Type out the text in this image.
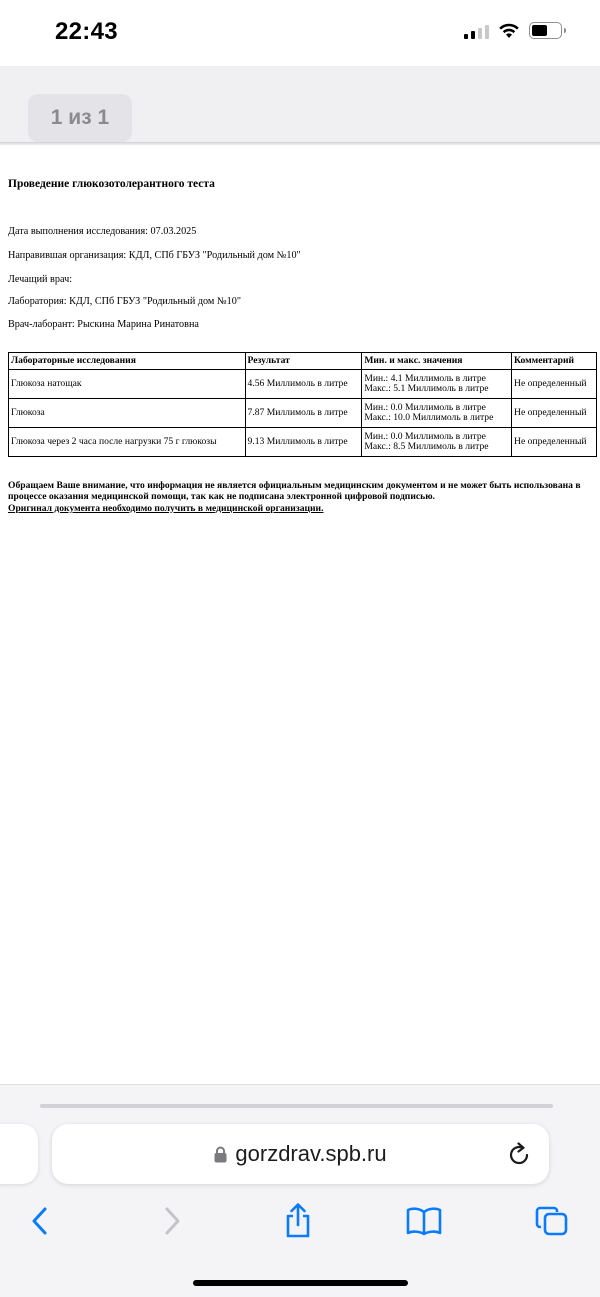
22:43
1 из 1
Проведение глюкозотолерантного теста
Дата выполнения исследования: 07.03.2025
Направившая организация: КДЛ, СПб ГБУЗ "Родильный дом №10"
Лечащий врач:
Лаборатория: КДЛ, СПб ГБУЗ "Родильный дом №10"
Врач-лаборант: Рыскина Марина Ринатовна
Лабораторные исследования	Результат	Мин. и макс. значения	Комментарий
Глюкоза натощак	4.56 Миллимоль в литре	Мин.: 4.1 Миллимоль в литре
Макс.: 5.1 Миллимоль в литре	Не определенный
Глюкоза	7.87 Миллимоль в литре	Мин.: 0.0 Миллимоль в литре
Макс.: 10.0 Миллимоль в литре	Не определенный
Глюкоза через 2 часа после нагрузки 75 г глюкозы	9.13 Миллимоль в литре	Мин.: 0.0 Миллимоль в литре
Макс.: 8.5 Миллимоль в литре	Не определенный
Обращаем Ваше внимание, что информация не является официальным медицинским документом и не может быть использована в процессе оказания медицинской помощи, так как не подписана электронной цифровой подписью.
Оригинал документа необходимо получить в медицинской организации.
gorzdrav.spb.ru
